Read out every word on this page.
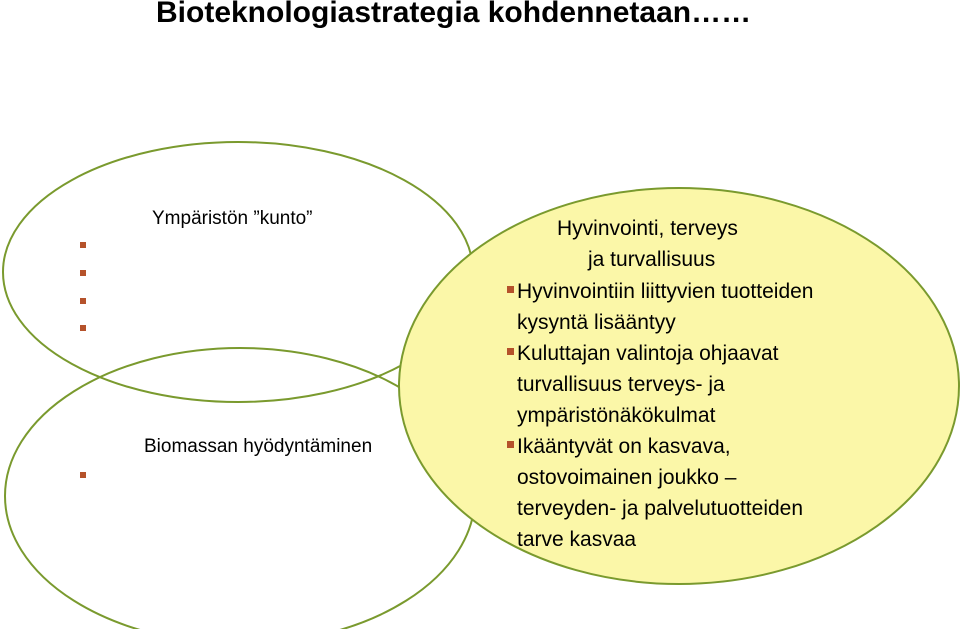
Bioteknologiastrategia kohdennetaan……
Ympäristön ”kunto”
Biomassan hyödyntäminen
Hyvinvointi, terveys
ja turvallisuus
Hyvinvointiin liittyvien tuotteiden
kysyntä lisääntyy
Kuluttajan valintoja ohjaavat
turvallisuus terveys- ja
ympäristönäkökulmat
Ikääntyvät on kasvava,
ostovoimainen joukko –
terveyden- ja palvelutuotteiden
tarve kasvaa
